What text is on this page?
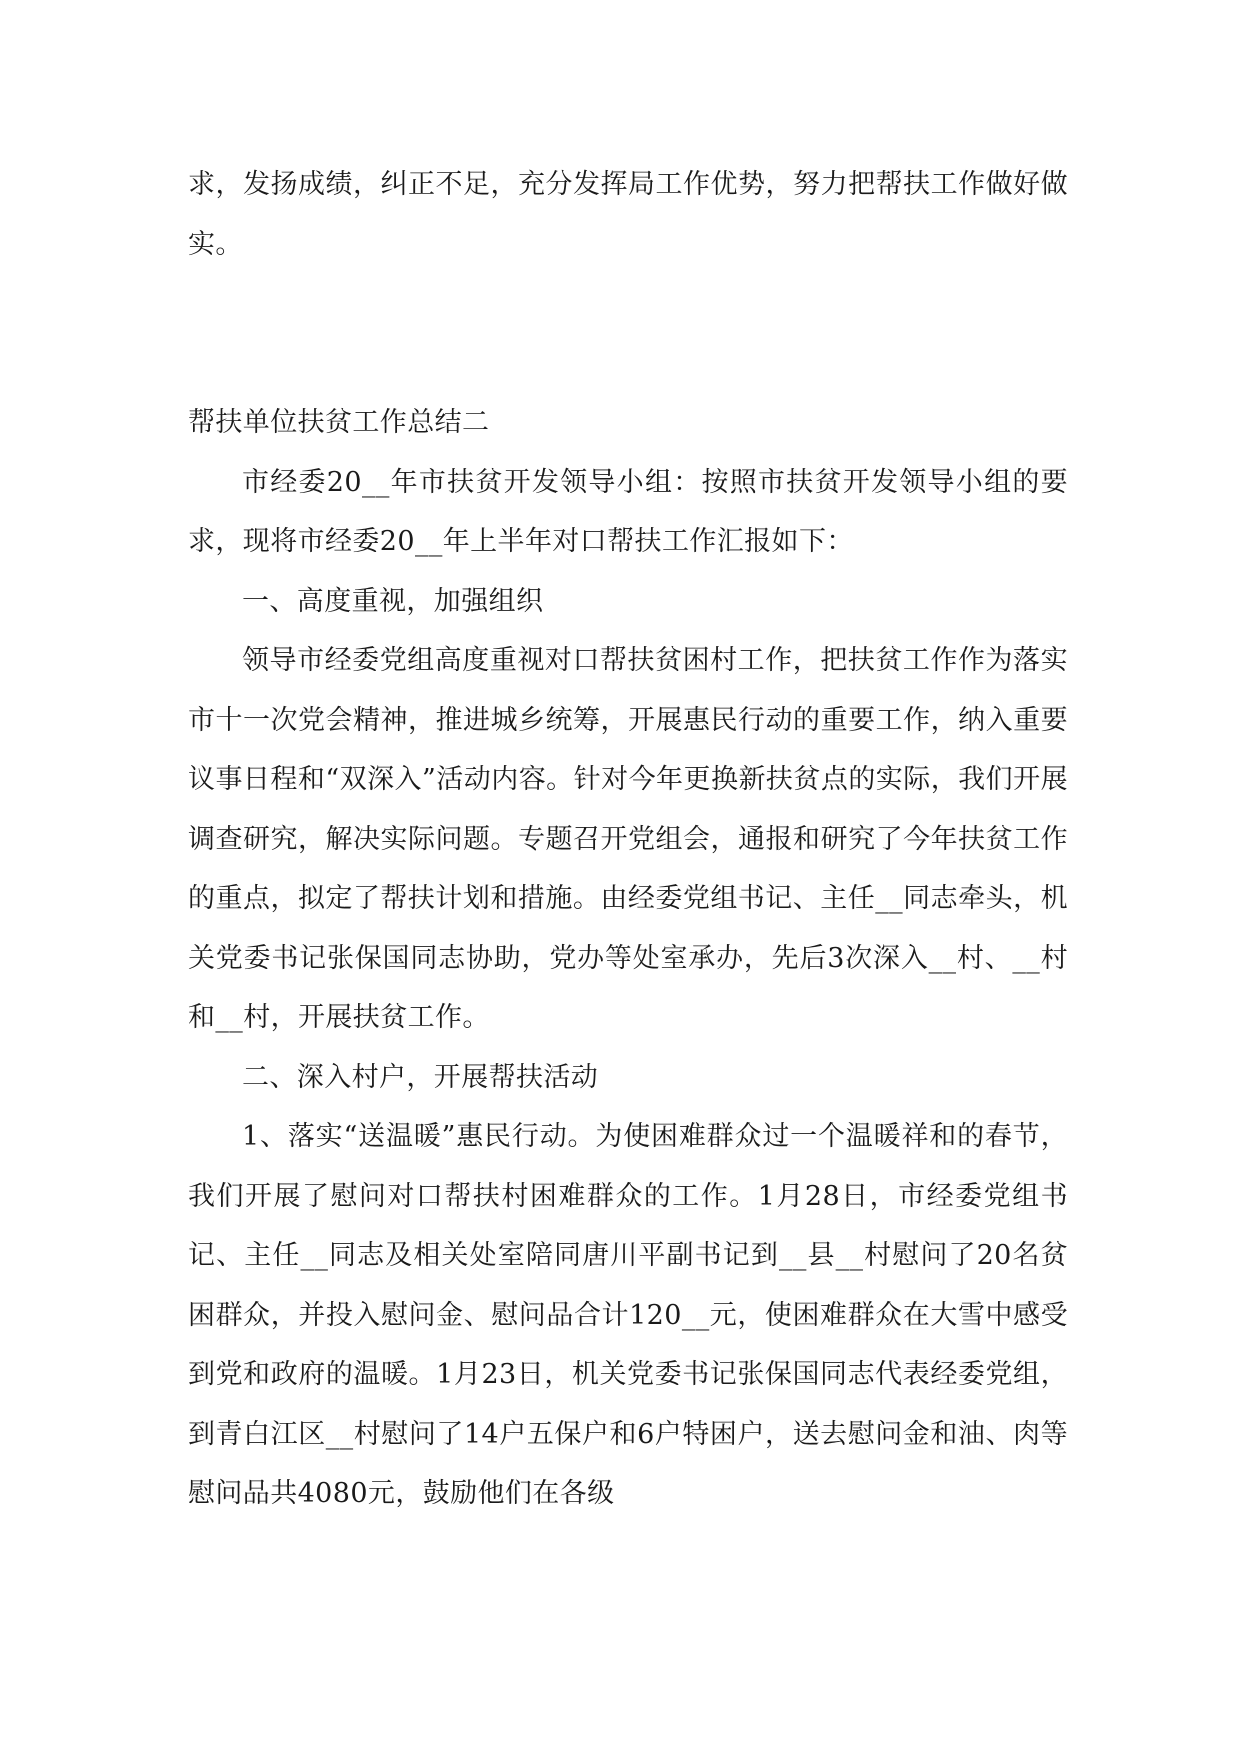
求，发扬成绩，纠正不足，充分发挥局工作优势，努力把帮扶工作做好做实。

帮扶单位扶贫工作总结二

市经委20__年市扶贫开发领导小组：按照市扶贫开发领导小组的要求，现将市经委20__年上半年对口帮扶工作汇报如下：

一、高度重视，加强组织

领导市经委党组高度重视对口帮扶贫困村工作，把扶贫工作作为落实市十一次党会精神，推进城乡统筹，开展惠民行动的重要工作，纳入重要议事日程和“双深入”活动内容。针对今年更换新扶贫点的实际，我们开展调查研究，解决实际问题。专题召开党组会，通报和研究了今年扶贫工作的重点，拟定了帮扶计划和措施。由经委党组书记、主任__同志牵头，机关党委书记张保国同志协助，党办等处室承办，先后3次深入__村、__村和__村，开展扶贫工作。

二、深入村户，开展帮扶活动

1、落实“送温暖”惠民行动。为使困难群众过一个温暖祥和的春节，我们开展了慰问对口帮扶村困难群众的工作。1月28日，市经委党组书记、主任__同志及相关处室陪同唐川平副书记到__县__村慰问了20名贫困群众，并投入慰问金、慰问品合计120__元，使困难群众在大雪中感受到党和政府的温暖。1月23日，机关党委书记张保国同志代表经委党组，到青白江区__村慰问了14户五保户和6户特困户，送去慰问金和油、肉等慰问品共4080元，鼓励他们在各级
